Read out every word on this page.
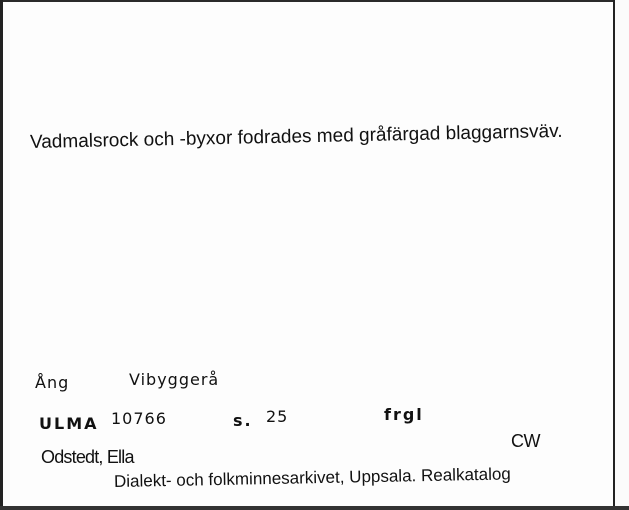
Vadmalsrock och -byxor fodrades med gråfärgad blaggarnsväv.
Ång	Vibyggerå
ULMA 10766	s. 25	frgl
CW
Odstedt, Ella
Dialekt- och folkminnesarkivet, Uppsala. Realkatalog
